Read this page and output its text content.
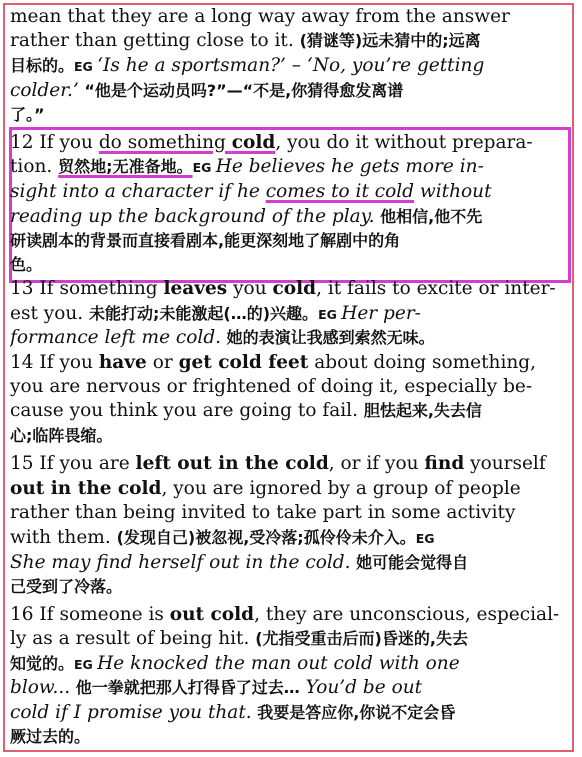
mean that they are a long way away from the answer
rather than getting close to it. (猜谜等)远未猜中的;远离
目标的。EG ‘Is he a sportsman?’ – ‘No, you’re getting
colder.’ “他是个运动员吗?”—“不是,你猜得愈发离谱
了。”
12 If you do something cold, you do it without prepara-
tion. 贸然地;无准备地。EG He believes he gets more in-
sight into a character if he comes to it cold without
reading up the background of the play. 他相信,他不先
研读剧本的背景而直接看剧本,能更深刻地了解剧中的角
色。
13 If something leaves you cold, it fails to excite or inter-
est you. 未能打动;未能激起(…的)兴趣。EG Her per-
formance left me cold. 她的表演让我感到索然无味。
14 If you have or get cold feet about doing something,
you are nervous or frightened of doing it, especially be-
cause you think you are going to fail. 胆怯起来,失去信
心;临阵畏缩。
15 If you are left out in the cold, or if you find yourself
out in the cold, you are ignored by a group of people
rather than being invited to take part in some activity
with them. (发现自己)被忽视,受冷落;孤伶伶未介入。EG
She may find herself out in the cold. 她可能会觉得自
己受到了冷落。
16 If someone is out cold, they are unconscious, especial-
ly as a result of being hit. (尤指受重击后而)昏迷的,失去
知觉的。EG He knocked the man out cold with one
blow... 他一拳就把那人打得昏了过去… You’d be out
cold if I promise you that. 我要是答应你,你说不定会昏
厥过去的。
